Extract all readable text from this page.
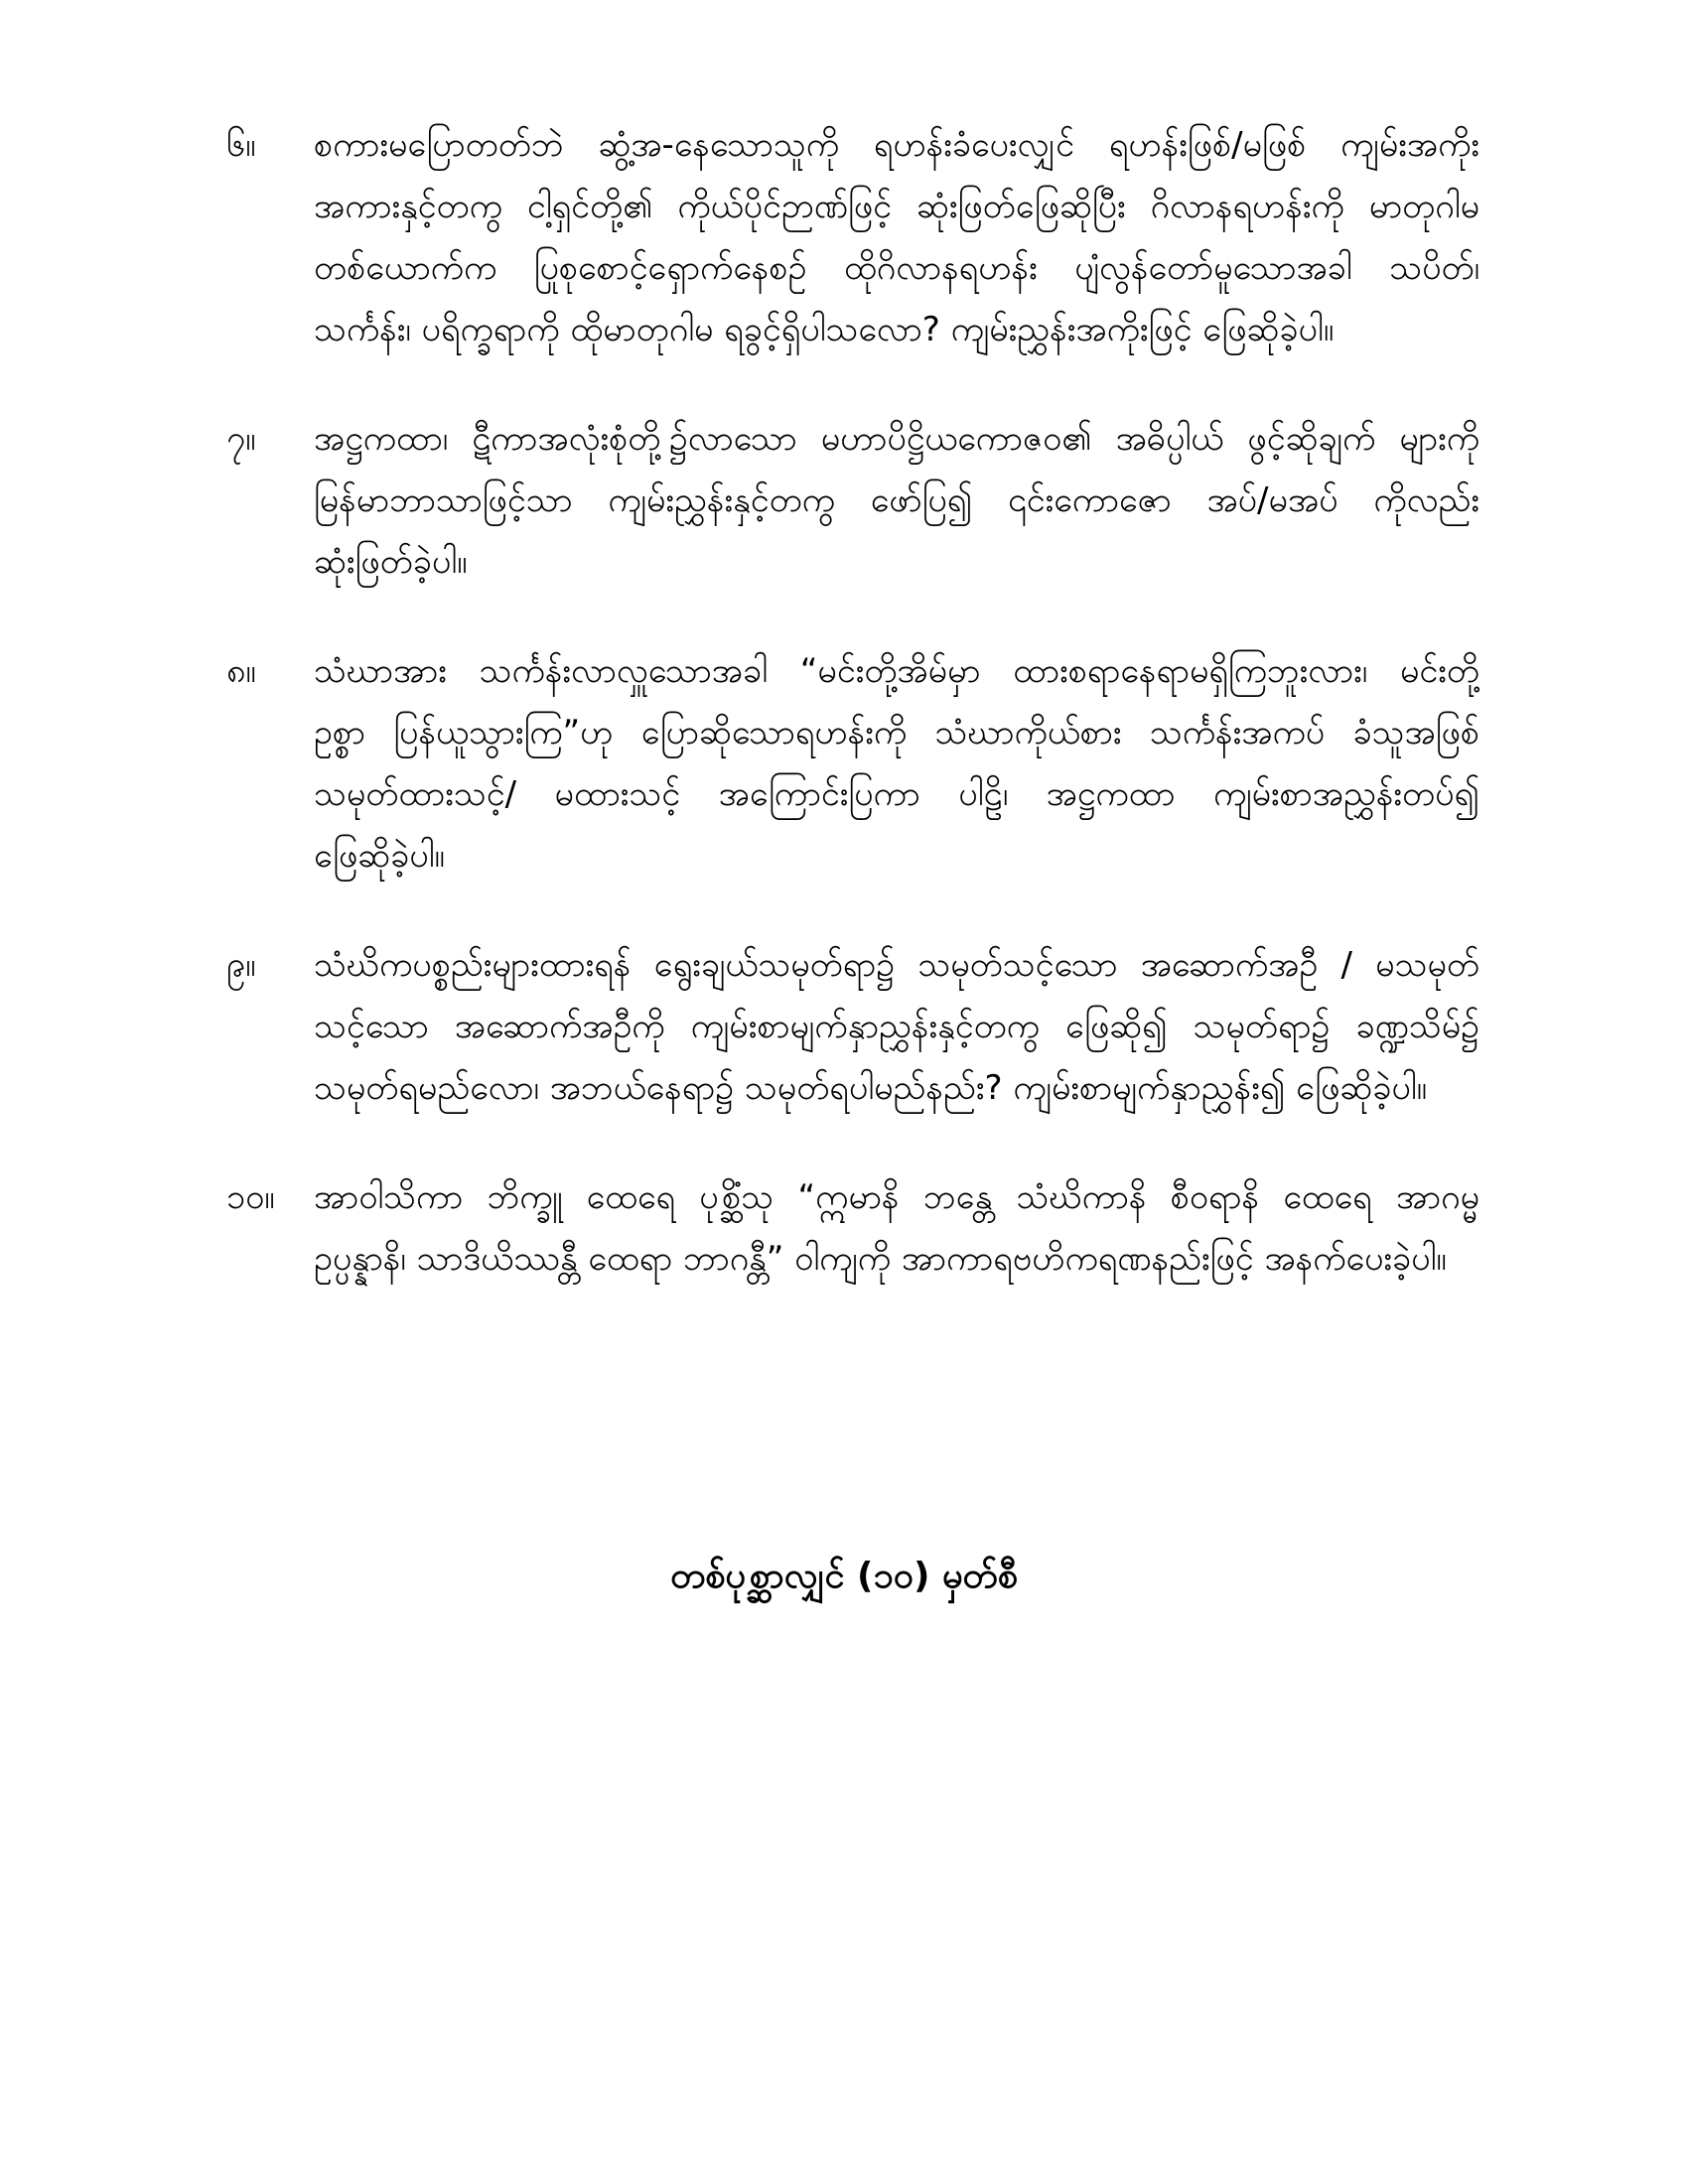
၆။	စကားမပြောတတ်ဘဲ ဆွံ့အ-နေသောသူကို ရဟန်းခံပေးလျှင် ရဟန်းဖြစ်/မဖြစ် ကျမ်းအကိုး
အကားနှင့်တကွ ငါ့ရှင်တို့၏ ကိုယ်ပိုင်ဉာဏ်ဖြင့် ဆုံးဖြတ်ဖြေဆိုပြီး ဂိလာနရဟန်းကို မာတုဂါမ
တစ်ယောက်က ပြုစုစောင့်ရှောက်နေစဉ် ထိုဂိလာနရဟန်း ပျံလွန်တော်မူသောအခါ သပိတ်၊
သင်္ကန်း၊ ပရိက္ခရာကို ထိုမာတုဂါမ ရခွင့်ရှိပါသလော? ကျမ်းညွှန်းအကိုးဖြင့် ဖြေဆိုခဲ့ပါ။
၇။	အဋ္ဌကထာ၊ ဋီကာအလုံးစုံတို့၌လာသော မဟာပိဋ္ဌိယကောဇဝ၏ အဓိပ္ပါယ် ဖွင့်ဆိုချက် များကို
မြန်မာဘာသာဖြင့်သာ ကျမ်းညွှန်းနှင့်တကွ ဖော်ပြ၍ ၎င်းကောဇော အပ်/မအပ် ကိုလည်း
ဆုံးဖြတ်ခဲ့ပါ။
၈။	သံဃာအား သင်္ကန်းလာလှူသောအခါ “မင်းတို့အိမ်မှာ ထားစရာနေရာမရှိကြဘူးလား၊ မင်းတို့
ဥစ္စာ ပြန်ယူသွားကြ”ဟု ပြောဆိုသောရဟန်းကို သံဃာကိုယ်စား သင်္ကန်းအကပ် ခံသူအဖြစ်
သမုတ်ထားသင့်/ မထားသင့် အကြောင်းပြကာ ပါဠိ၊ အဋ္ဌကထာ ကျမ်းစာအညွှန်းတပ်၍
ဖြေဆိုခဲ့ပါ။
၉။	သံဃိကပစ္စည်းများထားရန် ရွေးချယ်သမုတ်ရာ၌ သမုတ်သင့်သော အဆောက်အဦ / မသမုတ်
သင့်သော အဆောက်အဦကို ကျမ်းစာမျက်နှာညွှန်းနှင့်တကွ ဖြေဆို၍ သမုတ်ရာ၌ ခဏ္ဍသိမ်၌
သမုတ်ရမည်လော၊ အဘယ်နေရာ၌ သမုတ်ရပါမည်နည်း? ကျမ်းစာမျက်နှာညွှန်း၍ ဖြေဆိုခဲ့ပါ။
၁၀။	အာဝါသိကာ ဘိက္ခူ ထေရေ ပုစ္ဆိံသု “ဣမာနိ ဘန္တေ သံဃိကာနိ စီဝရာနိ ထေရေ အာဂမ္မ
ဥပ္ပန္နာနိ၊ သာဒိယိဿန္တီ ထေရာ ဘာဂန္တီ” ဝါကျကို အာကာရဗဟိကရဏနည်းဖြင့် အနက်ပေးခဲ့ပါ။
တစ်ပုစ္ဆာလျှင် (၁၀) မှတ်စီ
